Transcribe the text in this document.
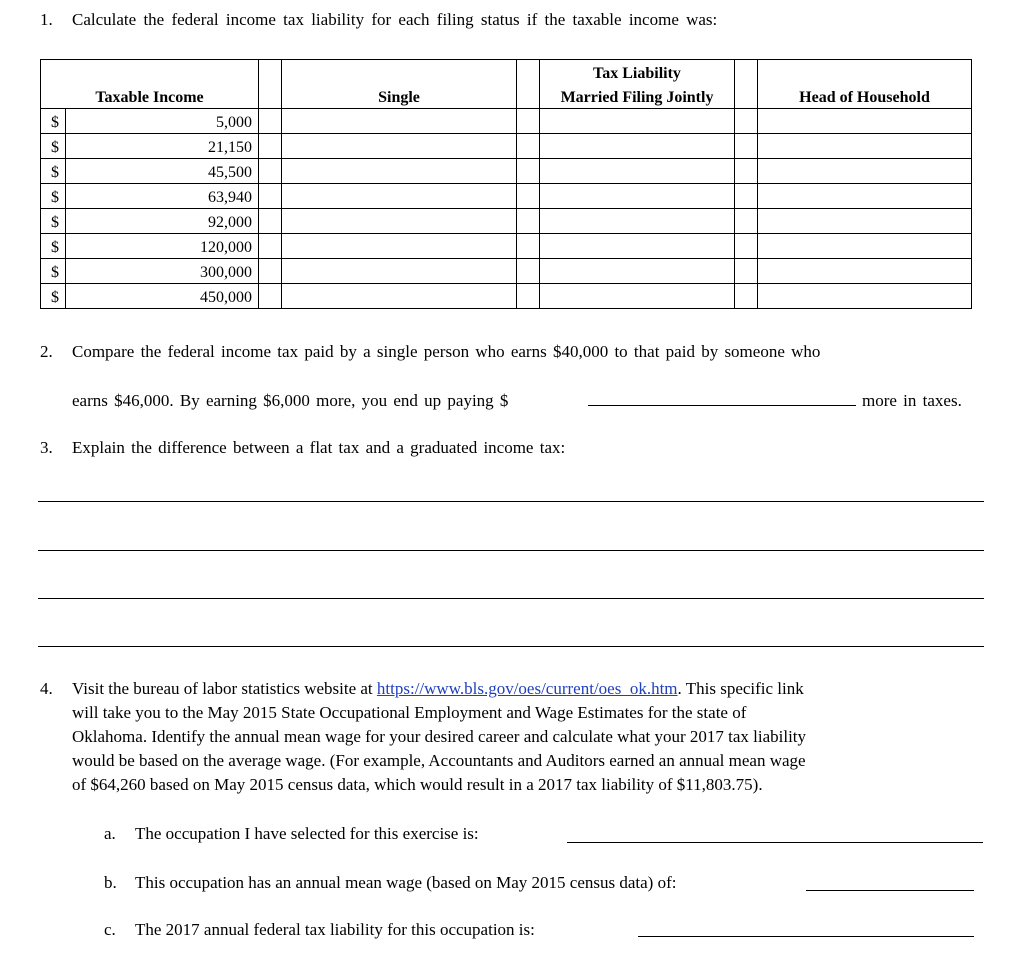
1. Calculate the federal income tax liability for each filing status if the taxable income was:
					Tax Liability		
Taxable Income			Single		Married Filing Jointly		Head of Household
$	5,000						
$	21,150						
$	45,500						
$	63,940						
$	92,000						
$	120,000						
$	300,000						
$	450,000						
2. Compare the federal income tax paid by a single person who earns $40,000 to that paid by someone who
earns $46,000. By earning $6,000 more, you end up paying $	more in taxes.
3. Explain the difference between a flat tax and a graduated income tax:
4. Visit the bureau of labor statistics website at https://www.bls.gov/oes/current/oes_ok.htm. This specific link
will take you to the May 2015 State Occupational Employment and Wage Estimates for the state of
Oklahoma. Identify the annual mean wage for your desired career and calculate what your 2017 tax liability
would be based on the average wage. (For example, Accountants and Auditors earned an annual mean wage
of $64,260 based on May 2015 census data, which would result in a 2017 tax liability of $11,803.75).
a. The occupation I have selected for this exercise is:
b. This occupation has an annual mean wage (based on May 2015 census data) of:
c. The 2017 annual federal tax liability for this occupation is:
